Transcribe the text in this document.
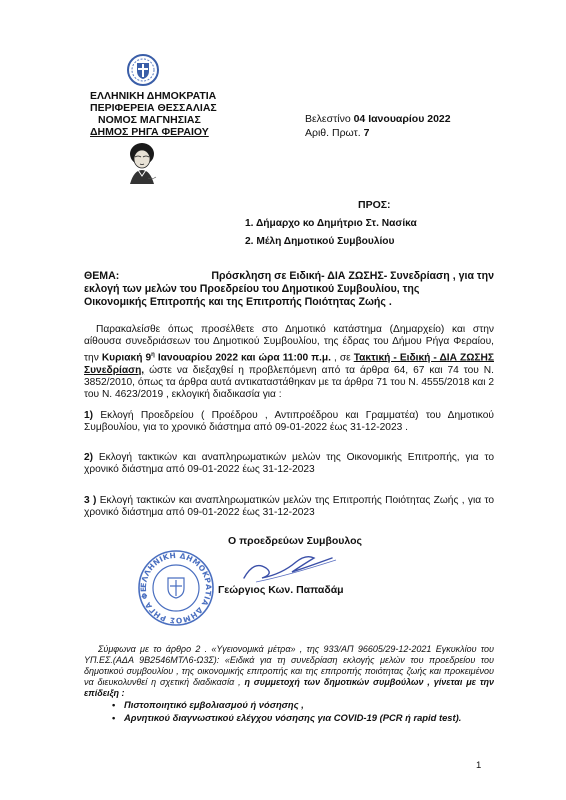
ΕΛΛΗΝΙΚΗ ΔΗΜΟΚΡΑΤΙΑ
ΠΕΡΙΦΕΡΕΙΑ ΘΕΣΣΑΛΙΑΣ
ΝΟΜΟΣ ΜΑΓΝΗΣΙΑΣ
ΔΗΜΟΣ ΡΗΓΑ ΦΕΡΑΙΟΥ
Βελεστίνο 04 Ιανουαρίου 2022
Αριθ. Πρωτ. 7
ΠΡΟΣ:
1. Δήμαρχο κο Δημήτριο Στ. Νασίκα
2. Μέλη Δημοτικού Συμβουλίου
ΘΕΜΑ:	Πρόσκληση σε Ειδική- ΔΙΑ ΖΩΣΗΣ- Συνεδρίαση , για την
εκλογή των μελών του Προεδρείου του Δημοτικού Συμβουλίου, της
Οικονομικής Επιτροπής και της Επιτροπής Ποιότητας Ζωής .
Παρακαλείσθε όπως προσέλθετε στο Δημοτικό κατάστημα (Δημαρχείο) και στην αίθουσα συνεδριάσεων του Δημοτικού Συμβουλίου, της έδρας του Δήμου Ρήγα Φεραίου, την Κυριακή $9^\eta$ Ιανουαρίου 2022 και ώρα 11:00 π.μ. , σε Τακτική - Ειδική - ΔΙΑ ΖΩΣΗΣ Συνεδρίαση, ώστε να διεξαχθεί η προβλεπόμενη από τα άρθρα 64, 67 και 74 του Ν. 3852/2010, όπως τα άρθρα αυτά αντικαταστάθηκαν με τα άρθρα 71 του Ν. 4555/2018 και 2 του Ν. 4623/2019 , εκλογική διαδικασία για :
1) Εκλογή Προεδρείου ( Προέδρου , Αντιπροέδρου και Γραμματέα) του Δημοτικού Συμβουλίου, για το χρονικό διάστημα από 09-01-2022 έως 31-12-2023 .
2) Εκλογή τακτικών και αναπληρωματικών μελών της Οικονομικής Επιτροπής, για το χρονικό διάστημα από 09-01-2022 έως 31-12-2023
3 ) Εκλογή τακτικών και αναπληρωματικών μελών της Επιτροπής Ποιότητας Ζωής , για το χρονικό διάστημα από 09-01-2022 έως 31-12-2023
Ο προεδρεύων Συμβουλος
ΕΛΛΗΝΙΚΗ ΔΗΜΟΚΡΑΤΙΑ ΔΗΜΟΣ ΡΗΓΑ ΦΕ	Γεώργιος Κων. Παπαδάμ
Σύμφωνα με το άρθρο 2 . «Υγειονομικά μέτρα» , της 933/ΑΠ 96605/29-12-2021 Εγκυκλίου του ΥΠ.ΕΣ.(ΑΔΑ 9Β2546ΜΤΛ6-Ω3Σ): «Ειδικά για τη συνεδρίαση εκλογής μελών του προεδρείου του δημοτικού συμβουλίου , της οικονομικής επιτροπής και της επιτροπής ποιότητας ζωής και προκειμένου να διευκολυνθεί η σχετική διαδικασία , η συμμετοχή των δημοτικών συμβούλων , γίνεται με την επίδειξη :
• Πιστοποιητικό εμβολιασμού ή νόσησης ,
• Αρνητικού διαγνωστικού ελέγχου νόσησης για COVID-19 (PCR ή rapid test).
1
